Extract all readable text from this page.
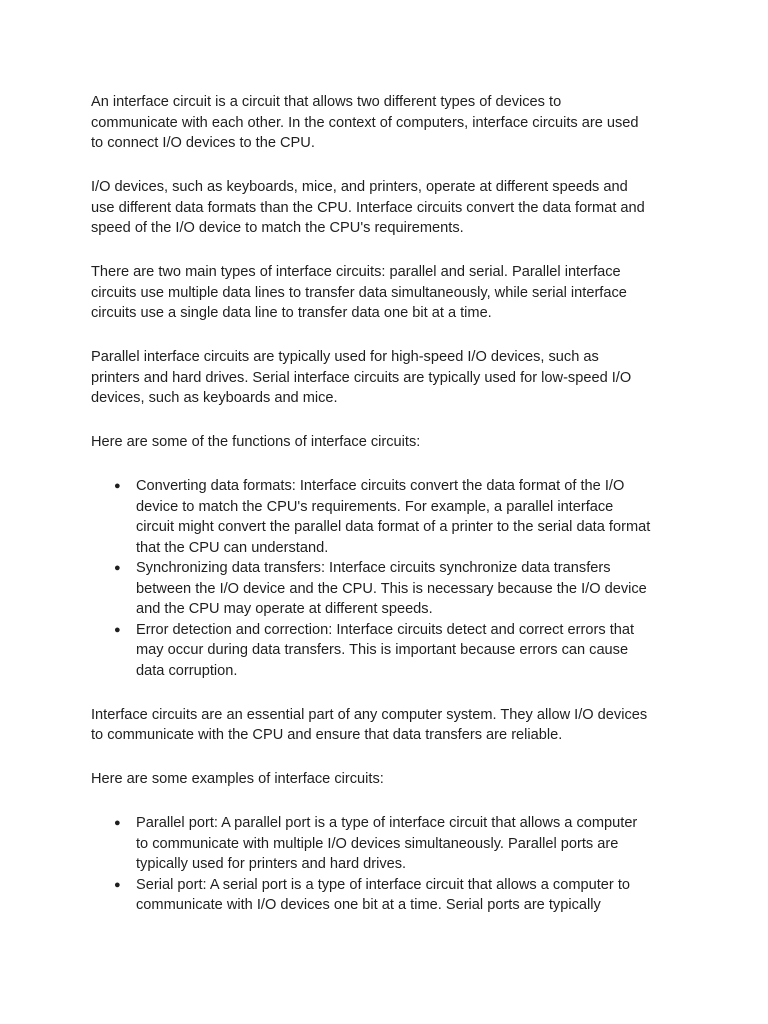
An interface circuit is a circuit that allows two different types of devices to communicate with each other. In the context of computers, interface circuits are used to connect I/O devices to the CPU.

I/O devices, such as keyboards, mice, and printers, operate at different speeds and use different data formats than the CPU. Interface circuits convert the data format and speed of the I/O device to match the CPU's requirements.

There are two main types of interface circuits: parallel and serial. Parallel interface circuits use multiple data lines to transfer data simultaneously, while serial interface circuits use a single data line to transfer data one bit at a time.

Parallel interface circuits are typically used for high-speed I/O devices, such as printers and hard drives. Serial interface circuits are typically used for low-speed I/O devices, such as keyboards and mice.

Here are some of the functions of interface circuits:

● Converting data formats: Interface circuits convert the data format of the I/O device to match the CPU's requirements. For example, a parallel interface circuit might convert the parallel data format of a printer to the serial data format that the CPU can understand.
● Synchronizing data transfers: Interface circuits synchronize data transfers between the I/O device and the CPU. This is necessary because the I/O device and the CPU may operate at different speeds.
● Error detection and correction: Interface circuits detect and correct errors that may occur during data transfers. This is important because errors can cause data corruption.

Interface circuits are an essential part of any computer system. They allow I/O devices to communicate with the CPU and ensure that data transfers are reliable.

Here are some examples of interface circuits:

● Parallel port: A parallel port is a type of interface circuit that allows a computer to communicate with multiple I/O devices simultaneously. Parallel ports are typically used for printers and hard drives.
● Serial port: A serial port is a type of interface circuit that allows a computer to communicate with I/O devices one bit at a time. Serial ports are typically
